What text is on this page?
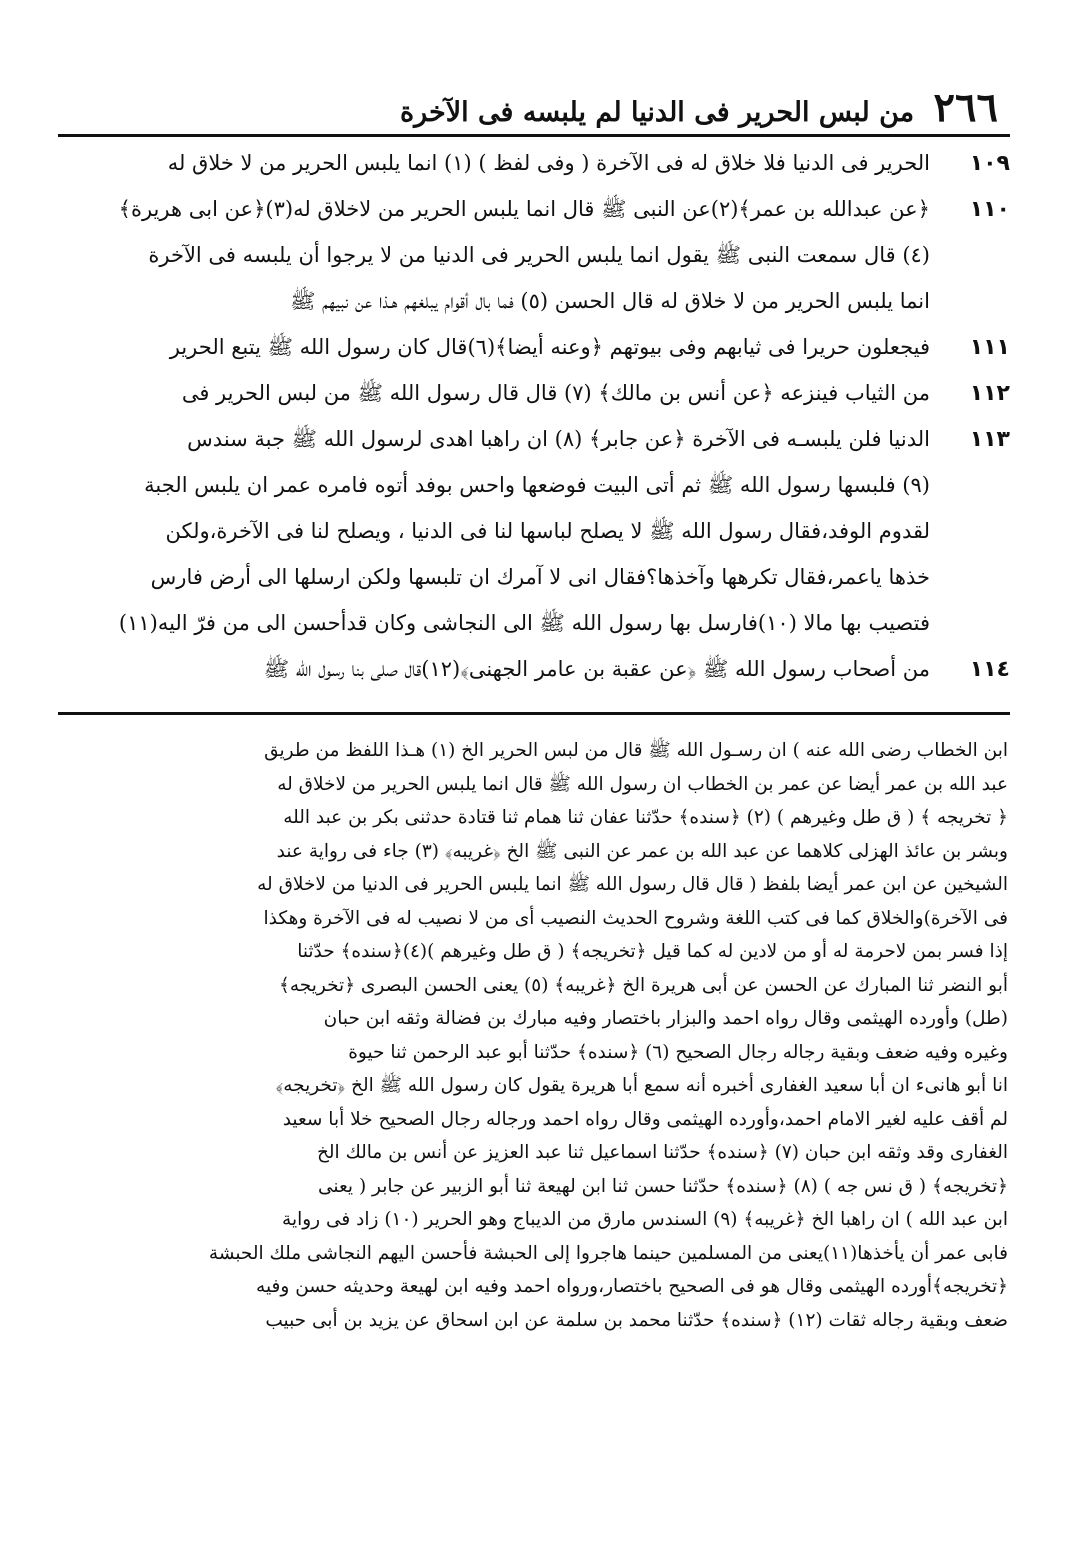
٢٦٦
من لبس الحرير فى الدنيا لم يلبسه فى الآخرة
١٠٩
الحرير فى الدنيا فلا خلاق له فى الآخرة ( وفى لفظ ) (١) انما يلبس الحرير من لا خلاق له
١١٠
﴿عن عبدالله بن عمر﴾(٢)عن النبى ﷺ قال انما يلبس الحرير من لاخلاق له(٣)﴿عن ابى هريرة﴾
(٤) قال سمعت النبى ﷺ يقول انما يلبس الحرير فى الدنيا من لا يرجوا أن يلبسه فى الآخرة
انما يلبس الحرير من لا خلاق له قال الحسن (٥) فما بال أقوام يبلغهم هـذا عن نبيهم ﷺ
١١١
فيجعلون حريرا فى ثيابهم وفى بيوتهم ﴿وعنه أيضا﴾(٦)قال كان رسول الله ﷺ يتبع الحرير
١١٢
من الثياب فينزعه ﴿عن أنس بن مالك﴾ (٧) قال قال رسول الله ﷺ من لبس الحرير فى
١١٣
الدنيا فلن يلبسـه فى الآخرة ﴿عن جابر﴾ (٨) ان راهبا اهدى لرسول الله ﷺ جبة سندس
(٩) فلبسها رسول الله ﷺ ثم أتى البيت فوضعها واحس بوفد أتوه فامره عمر ان يلبس الجبة
لقدوم الوفد،فقال رسول الله ﷺ لا يصلح لباسها لنا فى الدنيا ، ويصلح لنا فى الآخرة،ولكن
خذها ياعمر،فقال تكرهها وآخذها؟فقال انى لا آمرك ان تلبسها ولكن ارسلها الى أرض فارس
فتصيب بها مالا (١٠)فارسل بها رسول الله ﷺ الى النجاشى وكان قدأحسن الى من فرّ اليه(١١)
١١٤
من أصحاب رسول الله ﷺ ﴿عن عقبة بن عامر الجهنى﴾(١٢)قال صلى بنا رسول الله ﷺ
ابن الخطاب رضى الله عنه ) ان رسـول الله ﷺ قال من لبس الحرير الخ (١) هـذا اللفظ من طريق
عبد الله بن عمر أيضا عن عمر بن الخطاب ان رسول الله ﷺ قال انما يلبس الحرير من لاخلاق له
﴿ تخريجه ﴾ ( ق طل وغيرهم ) (٢) ﴿سنده﴾ حدّثنا عفان ثنا همام ثنا قتادة حدثنى بكر بن عبد الله
وبشر بن عائذ الهزلى كلاهما عن عبد الله بن عمر عن النبى ﷺ الخ ﴿غريبه﴾ (٣) جاء فى رواية عند
الشيخين عن ابن عمر أيضا بلفظ ( قال قال رسول الله ﷺ انما يلبس الحرير فى الدنيا من لاخلاق له
فى الآخرة)والخلاق كما فى كتب اللغة وشروح الحديث النصيب أى من لا نصيب له فى الآخرة وهكذا
إذا فسر بمن لاحرمة له أو من لادين له كما قيل ﴿تخريجه﴾ ( ق طل وغيرهم )(٤)﴿سنده﴾ حدّثنا
أبو النضر ثنا المبارك عن الحسن عن أبى هريرة الخ ﴿غريبه﴾ (٥) يعنى الحسن البصرى ﴿تخريجه﴾
(طل) وأورده الهيثمى وقال رواه احمد والبزار باختصار وفيه مبارك بن فضالة وثقه ابن حبان
وغيره وفيه ضعف وبقية رجاله رجال الصحيح (٦) ﴿سنده﴾ حدّثنا أبو عبد الرحمن ثنا حيوة
انا أبو هانىء ان أبا سعيد الغفارى أخبره أنه سمع أبا هريرة يقول كان رسول الله ﷺ الخ ﴿تخريجه﴾
لم أقف عليه لغير الامام احمد،وأورده الهيثمى وقال رواه احمد ورجاله رجال الصحيح خلا أبا سعيد
الغفارى وقد وثقه ابن حبان (٧) ﴿سنده﴾ حدّثنا اسماعيل ثنا عبد العزيز عن أنس بن مالك الخ
﴿تخريجه﴾ ( ق نس جه ) (٨) ﴿سنده﴾ حدّثنا حسن ثنا ابن لهيعة ثنا أبو الزبير عن جابر ( يعنى
ابن عبد الله ) ان راهبا الخ ﴿غريبه﴾ (٩) السندس مارق من الديباج وهو الحرير (١٠) زاد فى رواية
فابى عمر أن يأخذها(١١)يعنى من المسلمين حينما هاجروا إلى الحبشة فأحسن اليهم النجاشى ملك الحبشة
﴿تخريجه﴾أورده الهيثمى وقال هو فى الصحيح باختصار،ورواه احمد وفيه ابن لهيعة وحديثه حسن وفيه
ضعف وبقية رجاله ثقات (١٢) ﴿سنده﴾ حدّثنا محمد بن سلمة عن ابن اسحاق عن يزيد بن أبى حبيب
